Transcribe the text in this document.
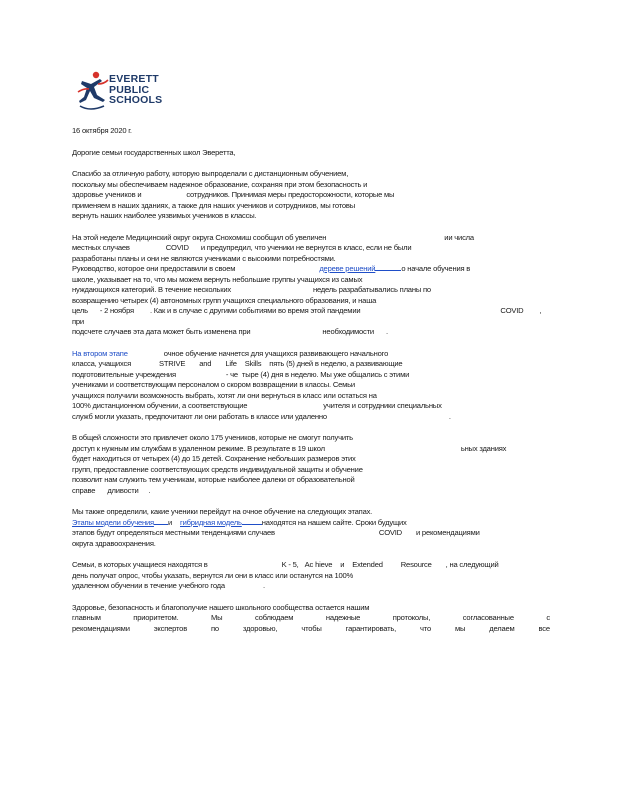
EVERETT
PUBLIC
SCHOOLS

16 октября 2020 г.

Дорогие семьи государственных школ Эверетта,

Спасибо за отличную работу, которую выпроделали с дистанционным обучением,

поскольку мы обеспечиваем надежное образование, сохраняя при этом безопасность и

здоровье учеников и	сотрудников. Принимая меры предосторожности, которые мы

применяем в наших зданиях, а также для наших учеников и сотрудников, мы готовы

вернуть наших наиболее уязвимых учеников в классы.

На этой неделе Медицинский округ округа Снохомиш сообщил об увеличен	ии числа

местных случаев	COVID и предупредил, что ученики не вернутся в класс, если не были

разработаны планы и они не являются учениками с высокими потребностями.

Руководство, которое они предоставили в своем	дереве решений	о начале обучения в

школе, указывает на то, что мы можем вернуть небольшие группы учащихся из самых

нуждающихся категорий. В течение нескольких	недель разрабатывались планы по

возвращению четырех (4) автономных групп учащихся специального образования, и наша

цель - 2 ноября . Как и в случае с другими событиями во время этой пандемии	COVID , при

подсчете случаев эта дата может быть изменена при	необходимости .

На втором этапе	очное обучение начнется для учащихся развивающего начального

класса, учащихся	STRIVE and Life Skills пять (5) дней в неделю, а развивающие

подготовительные учреждения	- че тыре (4) дня в неделю. Мы уже общались с этими

учениками и соответствующим персоналом о скором возвращении в классы. Семьи

учащихся получили возможность выбрать, хотят ли они вернуться в класс или остаться на

100% дистанционном обучении, а соответствующие	учителя и сотрудники специальных

служб могли указать, предпочитают ли они работать в классе или удаленно	.

В общей сложности это привлечет около 175 учеников, которые не смогут получить

доступ к нужным им службам в удаленном режиме. В результате в 19 школ	ьных зданиях

будет находиться от четырех (4) до 15 детей. Сохранение небольших размеров этих

групп, предоставление соответствующих средств индивидуальной защиты и обучение

позволит нам служить тем ученикам, которые наиболее далеки от образовательной

справе дливости .

Мы также определили, какие ученики перейдут на очное обучение на следующих этапах.

Этапы модели обучения и гибридная модель	находятся на нашем сайте. Сроки будущих

этапов будут определяться местными тенденциями случаев	COVID и рекомендациями

округа здравоохранения.

Семьи, в которых учащиеся находятся в	K - 5, Ac hieve и Extended Resource , на следующий

день получат опрос, чтобы указать, вернутся ли они в класс или останутся на 100%

удаленном обучении в течение учебного года	.

Здоровье, безопасность и благополучие нашего школьного сообщества остается нашим

главным	приоритетом.	Мы	соблюдаем	надежные	протоколы,	согласованные	с

рекомендациями	экспертов	по	здоровью,	чтобы	гарантировать,	что	мы	делаем	все
